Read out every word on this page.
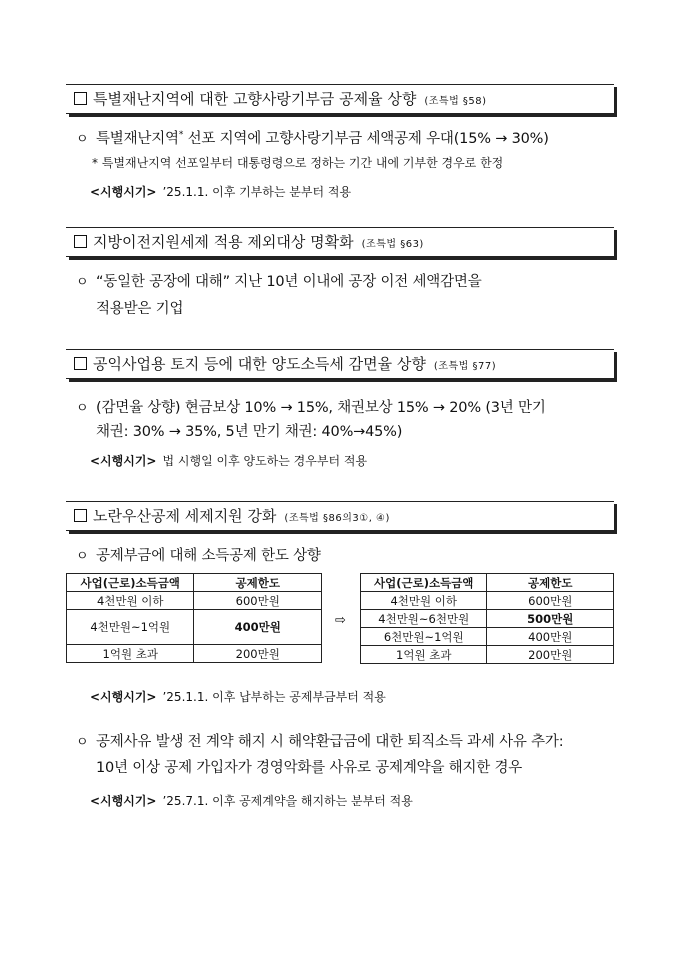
특별재난지역에 대한 고향사랑기부금 공제율 상향 (조특법 §58)
ㅇ 특별재난지역* 선포 지역에 고향사랑기부금 세액공제 우대(15% → 30%)
* 특별재난지역 선포일부터 대통령령으로 정하는 기간 내에 기부한 경우로 한정
<시행시기> ’25.1.1. 이후 기부하는 분부터 적용
지방이전지원세제 적용 제외대상 명확화 (조특법 §63)
ㅇ “동일한 공장에 대해” 지난 10년 이내에 공장 이전 세액감면을
적용받은 기업
공익사업용 토지 등에 대한 양도소득세 감면율 상향 (조특법 §77)
ㅇ (감면율 상향) 현금보상 10% → 15%, 채권보상 15% → 20% (3년 만기
채권: 30% → 35%, 5년 만기 채권: 40%→45%)
<시행시기> 법 시행일 이후 양도하는 경우부터 적용
노란우산공제 세제지원 강화 (조특법 §86의3①, ④)
ㅇ 공제부금에 대해 소득공제 한도 상향
사업(근로)소득금액	공제한도
4천만원 이하	600만원
4천만원~1억원	400만원
1억원 초과	200만원
⇨
사업(근로)소득금액	공제한도
4천만원 이하	600만원
4천만원~6천만원	500만원
6천만원~1억원	400만원
1억원 초과	200만원
<시행시기> ’25.1.1. 이후 납부하는 공제부금부터 적용
ㅇ 공제사유 발생 전 계약 해지 시 해약환급금에 대한 퇴직소득 과세 사유 추가:
10년 이상 공제 가입자가 경영악화를 사유로 공제계약을 해지한 경우
<시행시기> ’25.7.1. 이후 공제계약을 해지하는 분부터 적용
